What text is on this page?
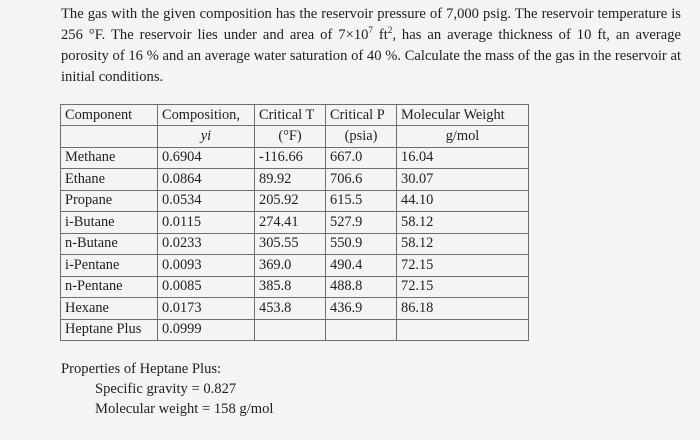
The gas with the given composition has the reservoir pressure of 7,000 psig. The reservoir temperature is 256 °F. The reservoir lies under and area of $7\times 10^7$ $ft^2$, has an average thickness of 10 ft, an average porosity of 16 % and an average water saturation of 40 %. Calculate the mass of the gas in the reservoir at initial conditions.
Component	Composition,	Critical T	Critical P	Molecular Weight
	yi	(°F)	(psia)	g/mol
Methane	0.6904	-116.66	667.0	16.04
Ethane	0.0864	89.92	706.6	30.07
Propane	0.0534	205.92	615.5	44.10
i-Butane	0.0115	274.41	527.9	58.12
n-Butane	0.0233	305.55	550.9	58.12
i-Pentane	0.0093	369.0	490.4	72.15
n-Pentane	0.0085	385.8	488.8	72.15
Hexane	0.0173	453.8	436.9	86.18
Heptane Plus	0.0999			
Properties of Heptane Plus:
Specific gravity = 0.827
Molecular weight = 158 g/mol
